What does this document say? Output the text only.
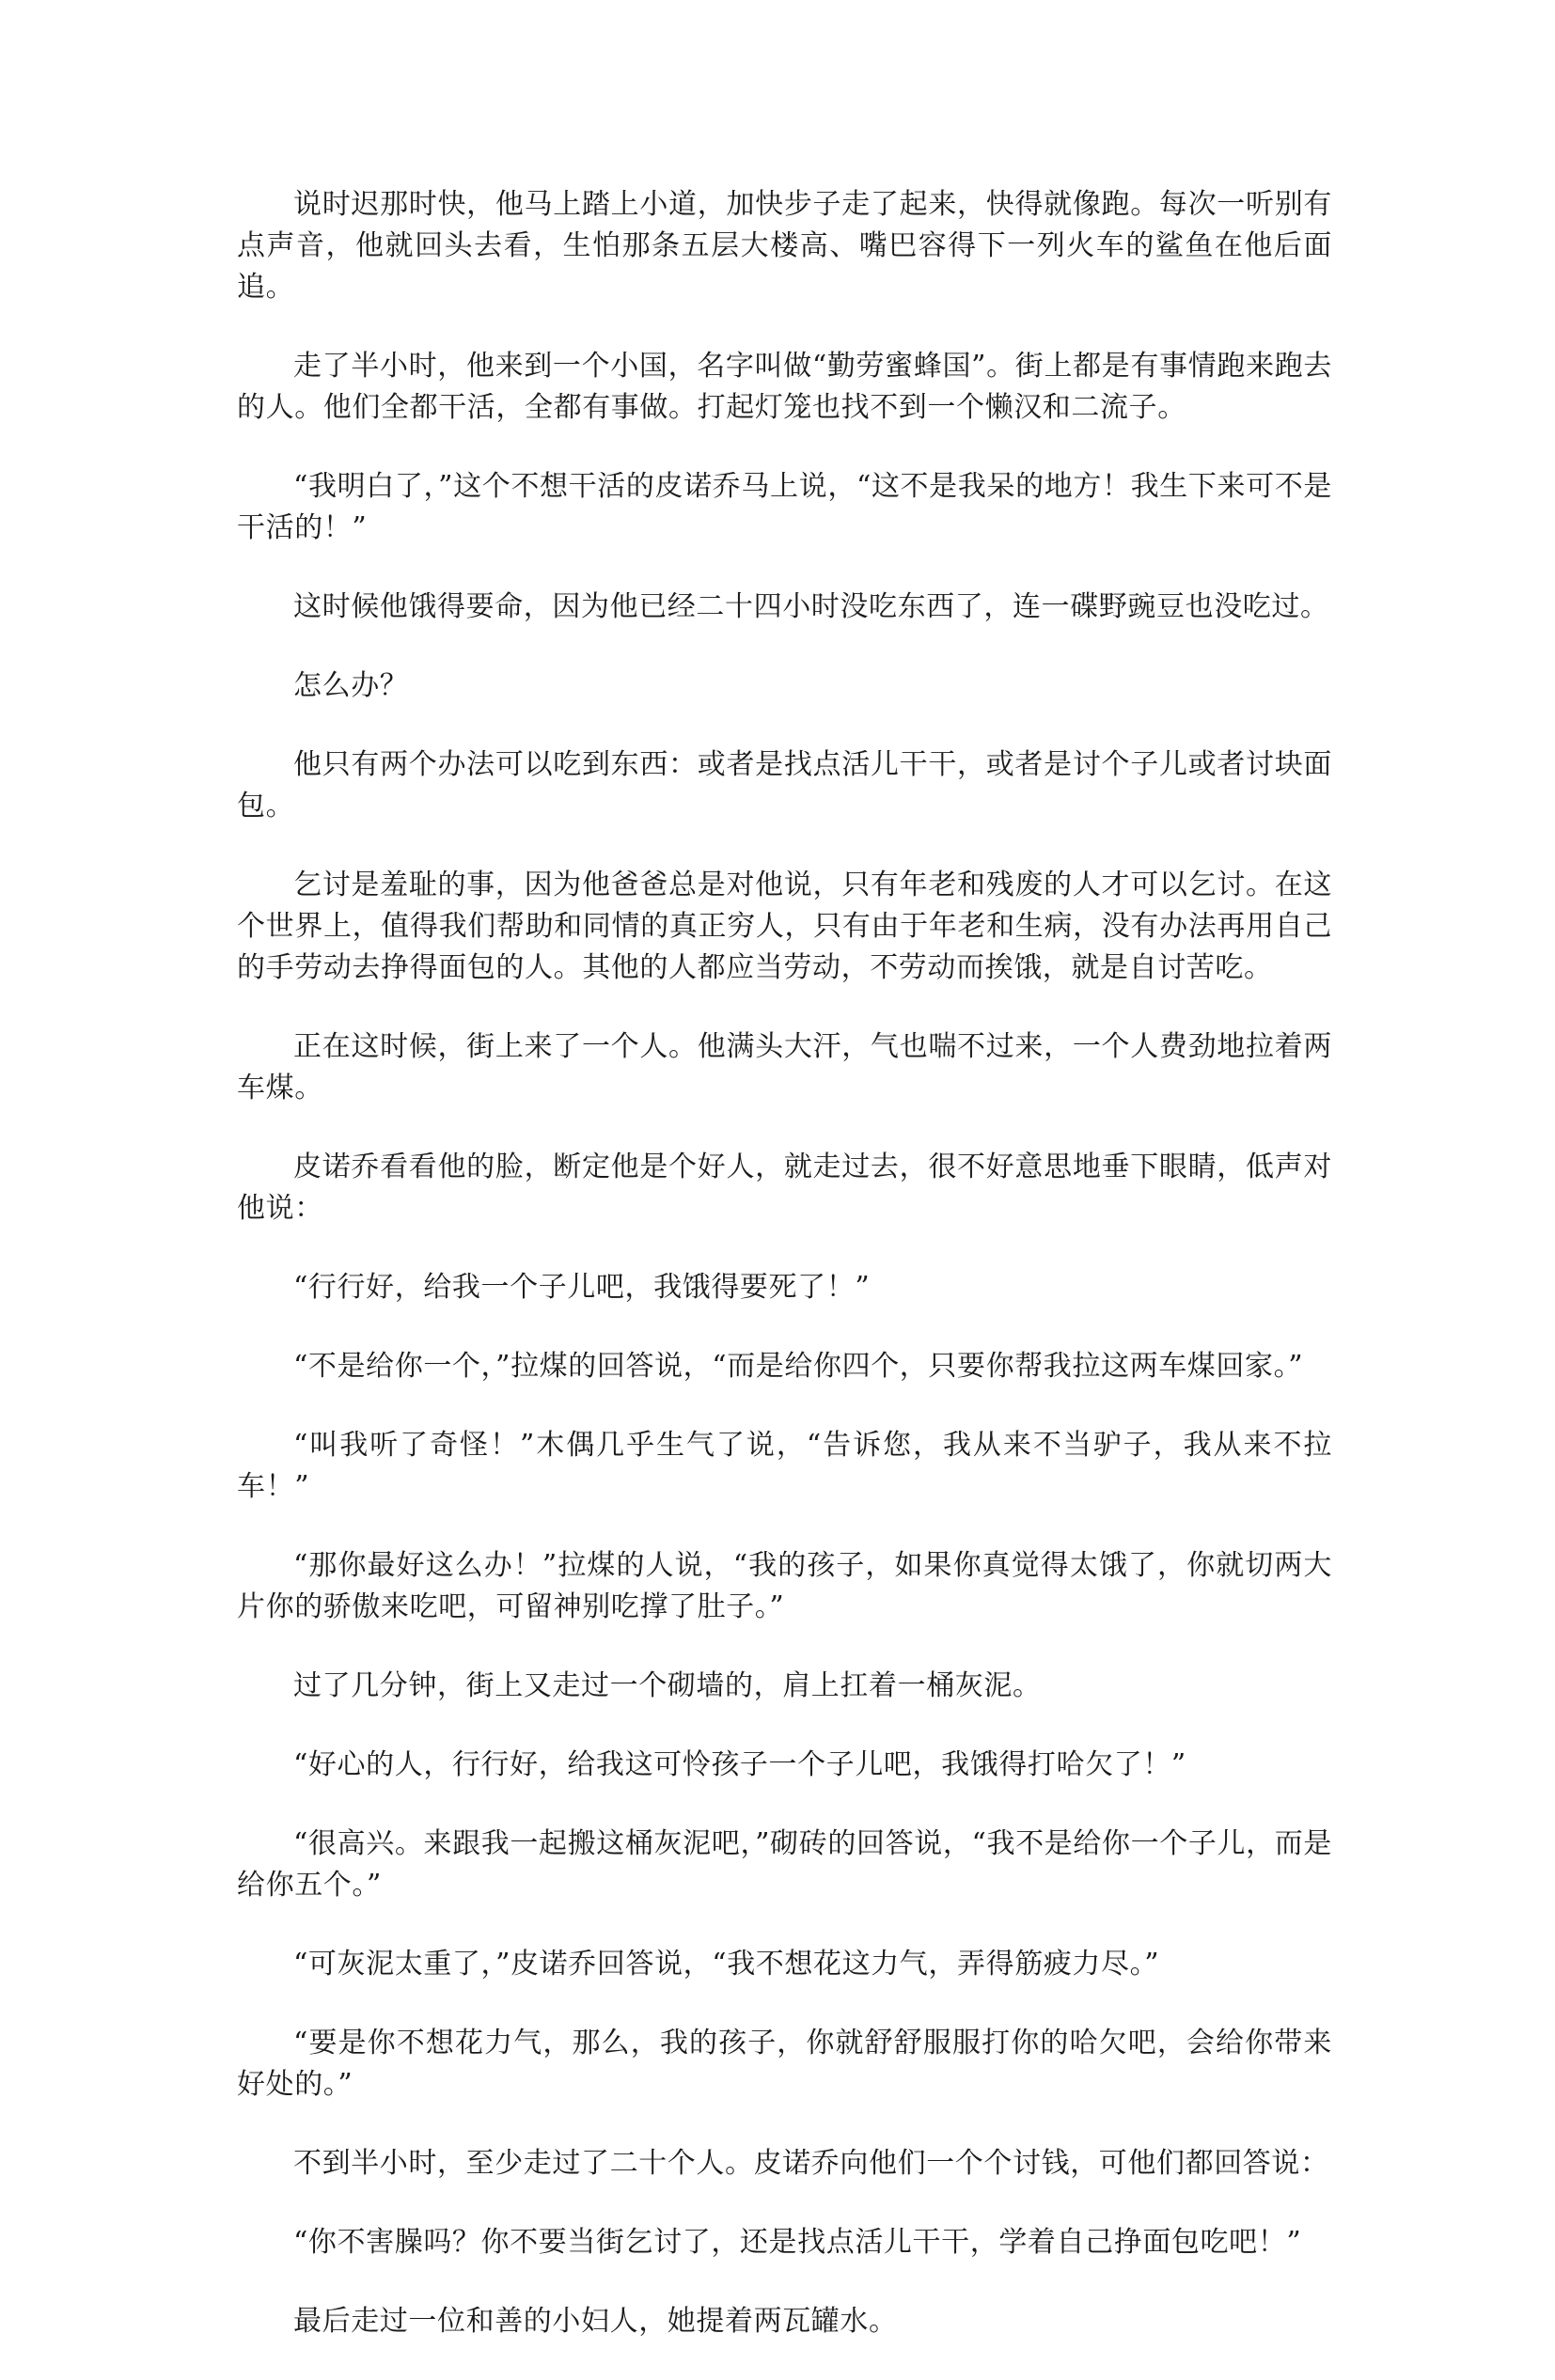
说时迟那时快，他马上踏上小道，加快步子走了起来，快得就像跑。每次一听别有点声音，他就回头去看，生怕那条五层大楼高、嘴巴容得下一列火车的鲨鱼在他后面追。

走了半小时，他来到一个小国，名字叫做“勤劳蜜蜂国”。街上都是有事情跑来跑去的人。他们全都干活，全都有事做。打起灯笼也找不到一个懒汉和二流子。

“我明白了，”这个不想干活的皮诺乔马上说，“这不是我呆的地方！我生下来可不是干活的！”

这时候他饿得要命，因为他已经二十四小时没吃东西了，连一碟野豌豆也没吃过。

怎么办？

他只有两个办法可以吃到东西：或者是找点活儿干干，或者是讨个子儿或者讨块面包。

乞讨是羞耻的事，因为他爸爸总是对他说，只有年老和残废的人才可以乞讨。在这个世界上，值得我们帮助和同情的真正穷人，只有由于年老和生病，没有办法再用自己的手劳动去挣得面包的人。其他的人都应当劳动，不劳动而挨饿，就是自讨苦吃。

正在这时候，街上来了一个人。他满头大汗，气也喘不过来，一个人费劲地拉着两车煤。

皮诺乔看看他的脸，断定他是个好人，就走过去，很不好意思地垂下眼睛，低声对他说：

“行行好，给我一个子儿吧，我饿得要死了！”

“不是给你一个，”拉煤的回答说，“而是给你四个，只要你帮我拉这两车煤回家。”

“叫我听了奇怪！”木偶几乎生气了说，“告诉您，我从来不当驴子，我从来不拉车！”

“那你最好这么办！”拉煤的人说，“我的孩子，如果你真觉得太饿了，你就切两大片你的骄傲来吃吧，可留神别吃撑了肚子。”

过了几分钟，街上又走过一个砌墙的，肩上扛着一桶灰泥。

“好心的人，行行好，给我这可怜孩子一个子儿吧，我饿得打哈欠了！”

“很高兴。来跟我一起搬这桶灰泥吧，”砌砖的回答说，“我不是给你一个子儿，而是给你五个。”

“可灰泥太重了，”皮诺乔回答说，“我不想花这力气，弄得筋疲力尽。”

“要是你不想花力气，那么，我的孩子，你就舒舒服服打你的哈欠吧，会给你带来好处的。”

不到半小时，至少走过了二十个人。皮诺乔向他们一个个讨钱，可他们都回答说：

“你不害臊吗？你不要当街乞讨了，还是找点活儿干干，学着自己挣面包吃吧！”

最后走过一位和善的小妇人，她提着两瓦罐水。
